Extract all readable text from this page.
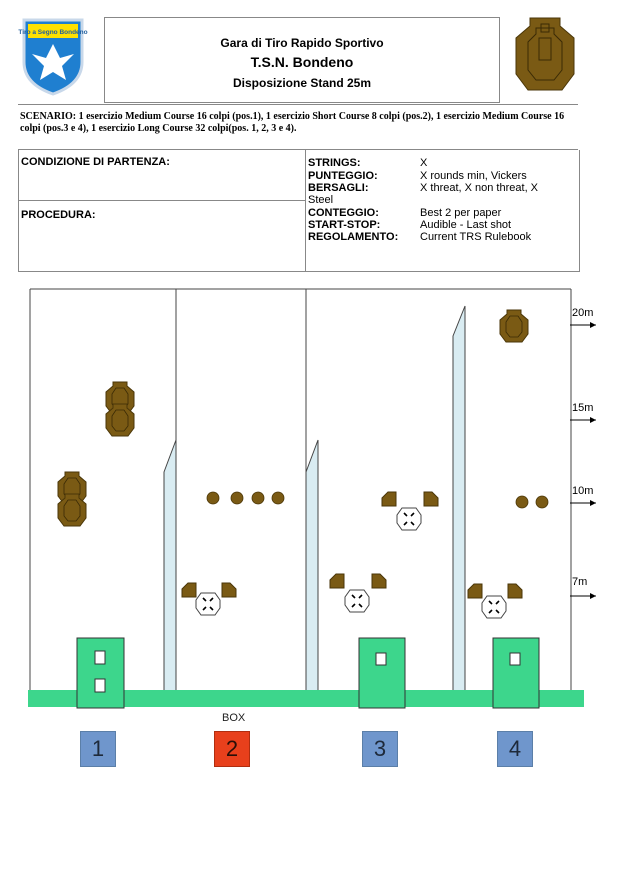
Tiro a Segno Bondeno
Gara di Tiro Rapido Sportivo
T.S.N. Bondeno
Disposizione Stand 25m
SCENARIO: 1 esercizio Medium Course 16 colpi (pos.1), 1 esercizio Short Course 8 colpi (pos.2), 1 esercizio Medium Course 16 colpi (pos.3 e 4), 1 esercizio Long Course 32 colpi(pos. 1, 2, 3 e 4).
CONDIZIONE DI PARTENZA:
PROCEDURA:
STRINGS:	X
PUNTEGGIO:	X rounds min, Vickers
BERSAGLI:	X threat, X non threat, X
Steel
CONTEGGIO:	Best 2 per paper
START-STOP:	Audible - Last shot
REGOLAMENTO: Current TRS Rulebook
20m
15m
10m
7m
BOX
1	2	3	4
